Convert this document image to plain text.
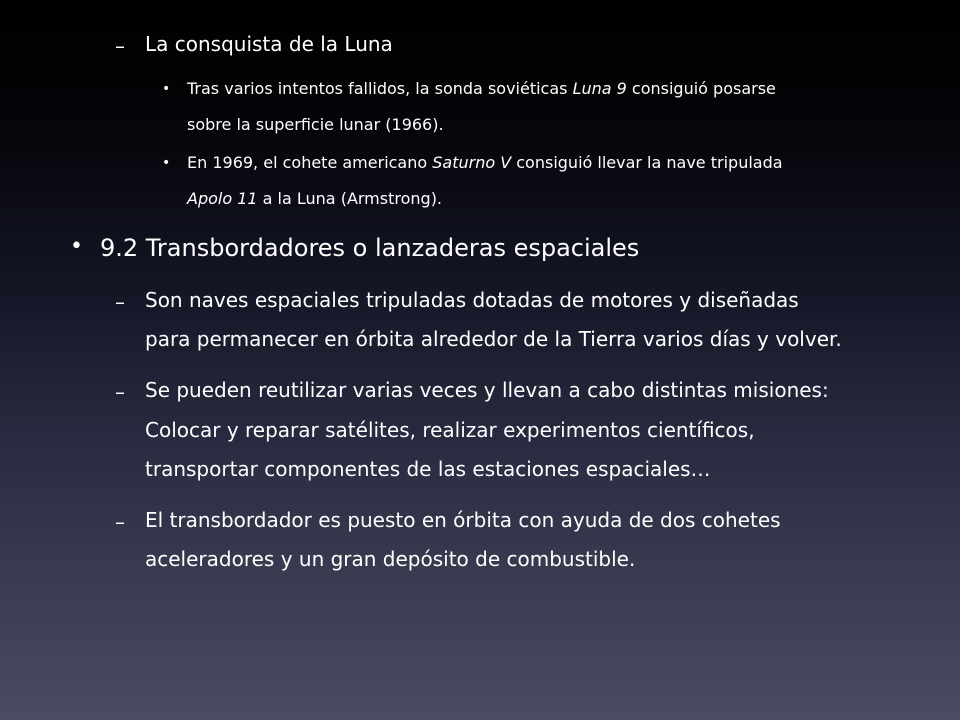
– La consquista de la Luna
• Tras varios intentos fallidos, la sonda soviéticas Luna 9 consiguió posarse
sobre la superficie lunar (1966).
• En 1969, el cohete americano Saturno V consiguió llevar la nave tripulada
Apolo 11 a la Luna (Armstrong).
• 9.2 Transbordadores o lanzaderas espaciales
– Son naves espaciales tripuladas dotadas de motores y diseñadas
para permanecer en órbita alrededor de la Tierra varios días y volver.
– Se pueden reutilizar varias veces y llevan a cabo distintas misiones:
Colocar y reparar satélites, realizar experimentos científicos,
transportar componentes de las estaciones espaciales…
– El transbordador es puesto en órbita con ayuda de dos cohetes
aceleradores y un gran depósito de combustible.
